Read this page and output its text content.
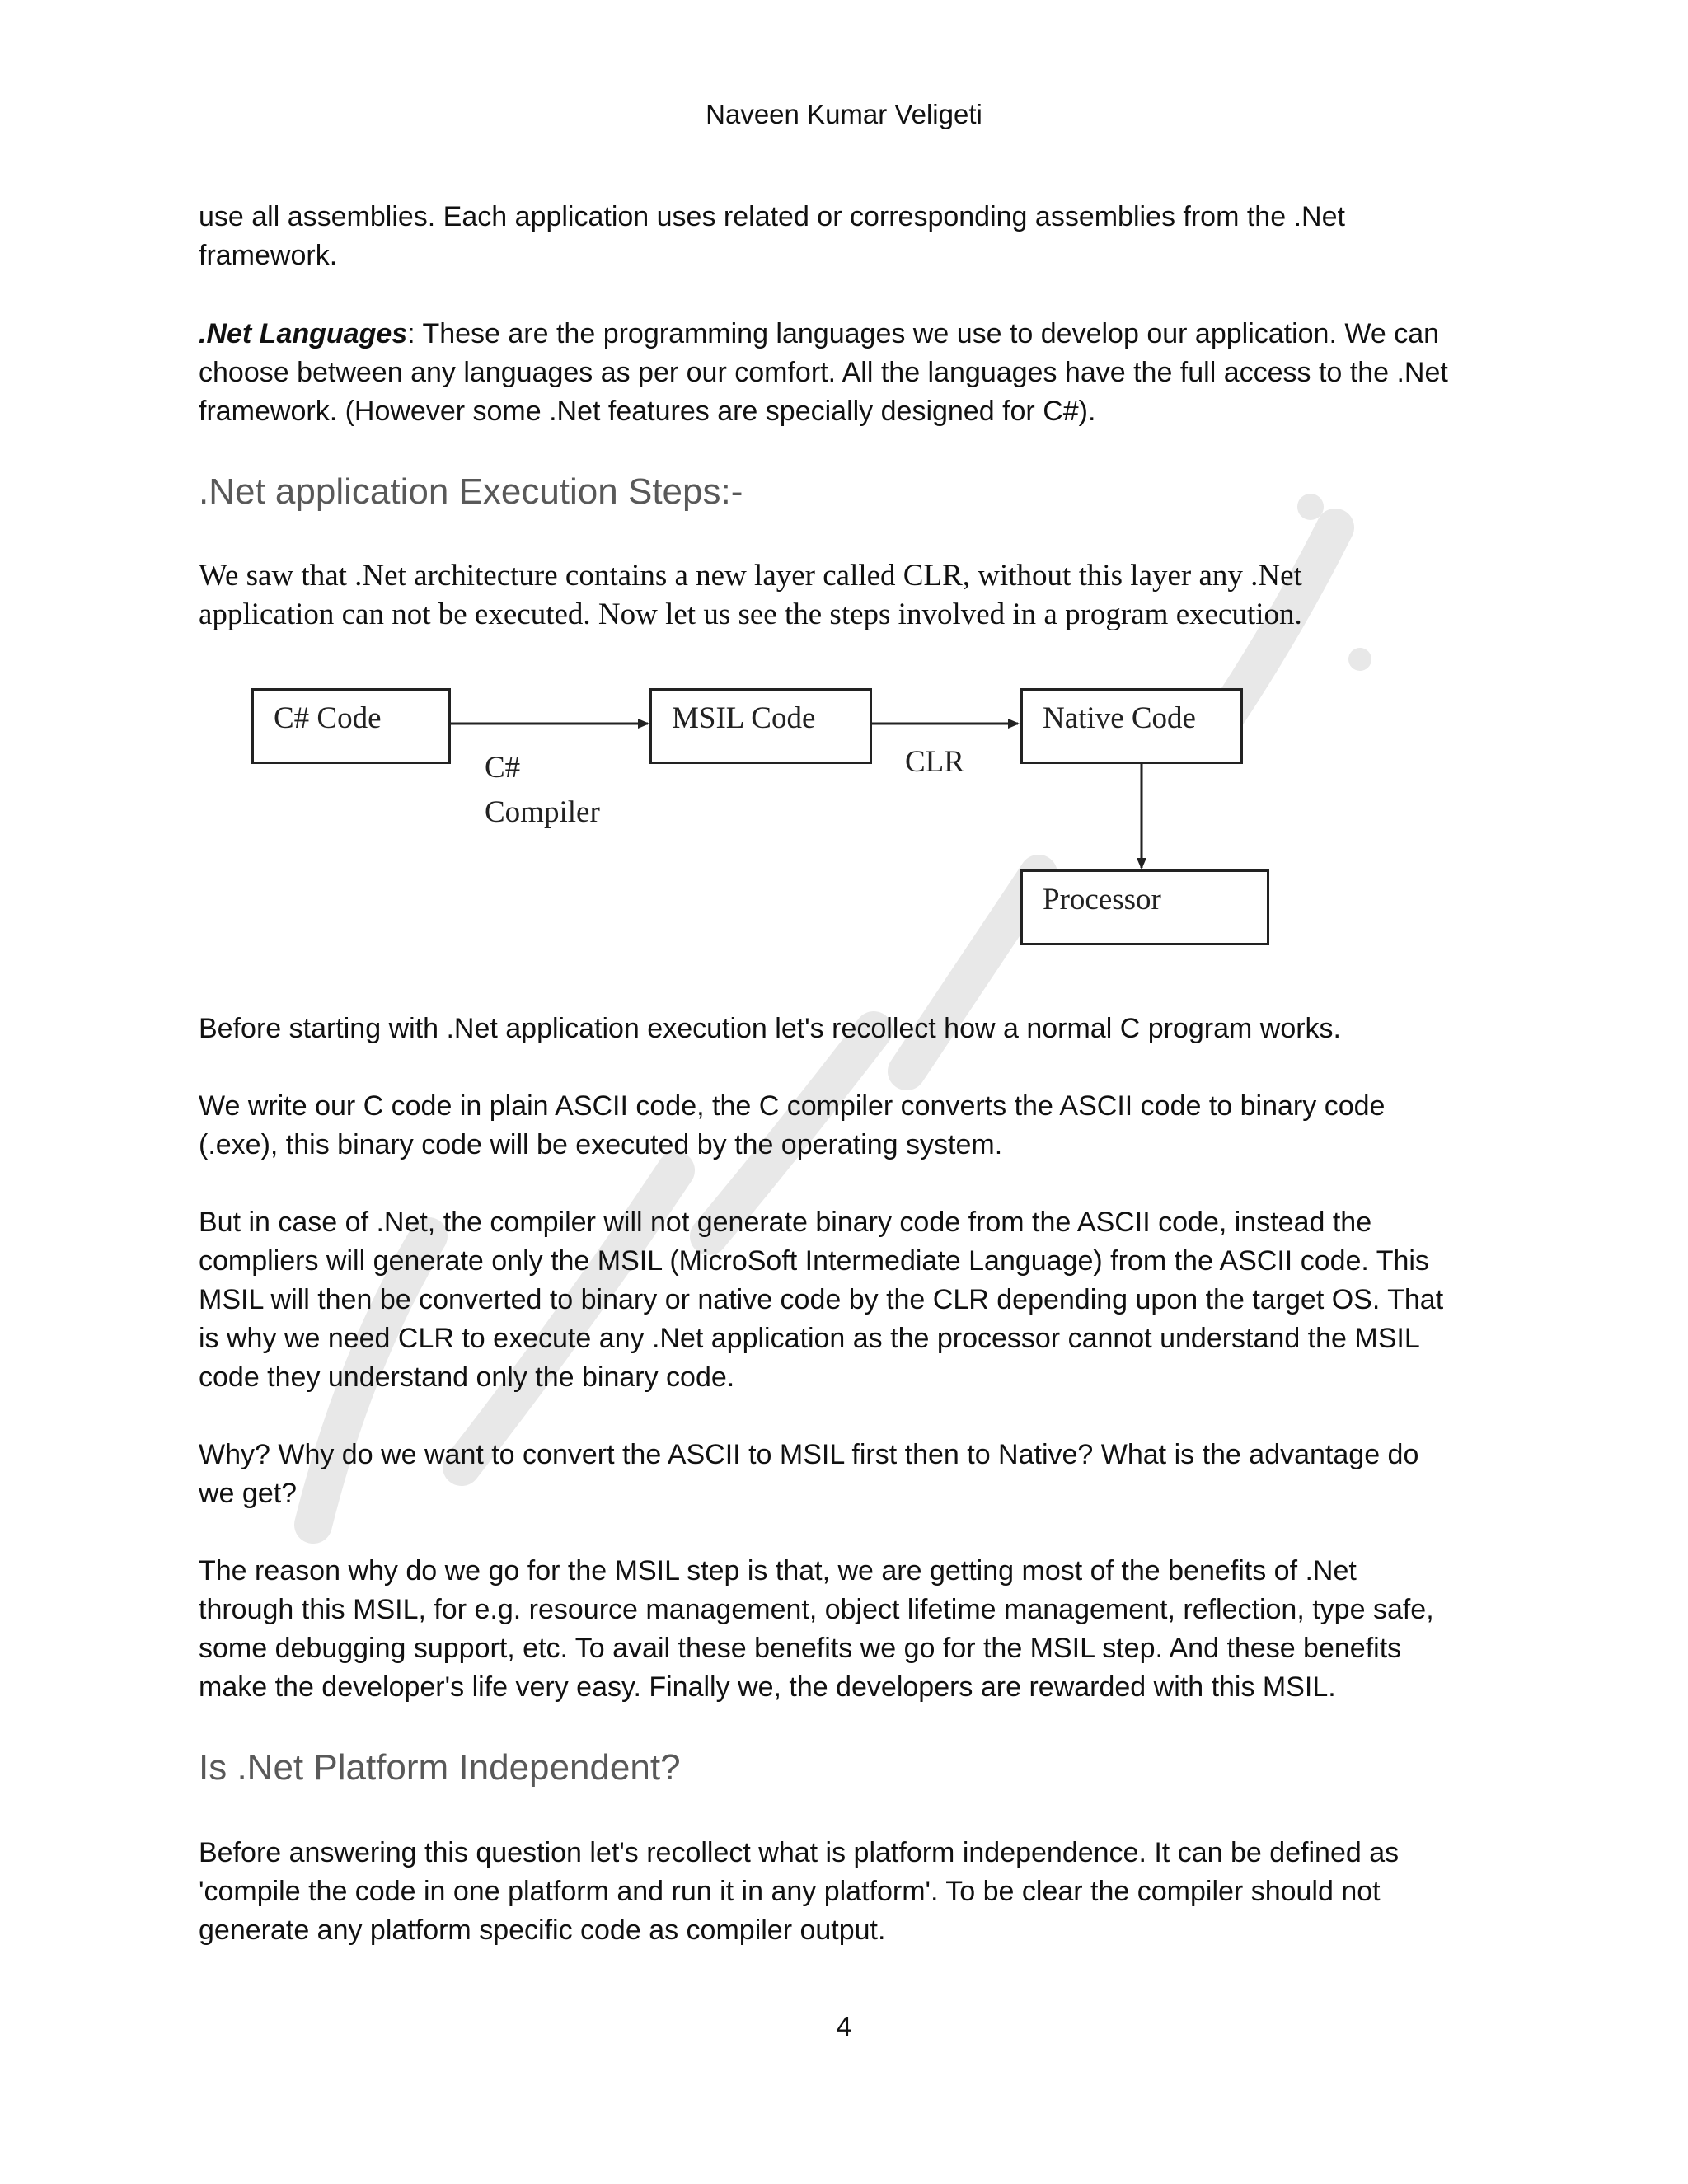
Naveen Kumar Veligeti

use all assemblies. Each application uses related or corresponding assemblies from the .Net

framework.

.Net Languages: These are the programming languages we use to develop our application. We can

choose between any languages as per our comfort. All the languages have the full access to the .Net

framework. (However some .Net features are specially designed for C#).

.Net application Execution Steps:-

We saw that .Net architecture contains a new layer called CLR, without this layer any .Net

application can not be executed. Now let us see the steps involved in a program execution.

C# Code	MSIL Code	Native Code
Processor
C#
Compiler
CLR

Before starting with .Net application execution let's recollect how a normal C program works.

We write our C code in plain ASCII code, the C compiler converts the ASCII code to binary code

(.exe), this binary code will be executed by the operating system.

But in case of .Net, the compiler will not generate binary code from the ASCII code, instead the

compliers will generate only the MSIL (MicroSoft Intermediate Language) from the ASCII code. This

MSIL will then be converted to binary or native code by the CLR depending upon the target OS. That

is why we need CLR to execute any .Net application as the processor cannot understand the MSIL

code they understand only the binary code.

Why? Why do we want to convert the ASCII to MSIL first then to Native? What is the advantage do

we get?

The reason why do we go for the MSIL step is that, we are getting most of the benefits of .Net

through this MSIL, for e.g. resource management, object lifetime management, reflection, type safe,

some debugging support, etc. To avail these benefits we go for the MSIL step. And these benefits

make the developer's life very easy. Finally we, the developers are rewarded with this MSIL.

Is .Net Platform Independent?

Before answering this question let's recollect what is platform independence. It can be defined as

'compile the code in one platform and run it in any platform'. To be clear the compiler should not

generate any platform specific code as compiler output.

4
